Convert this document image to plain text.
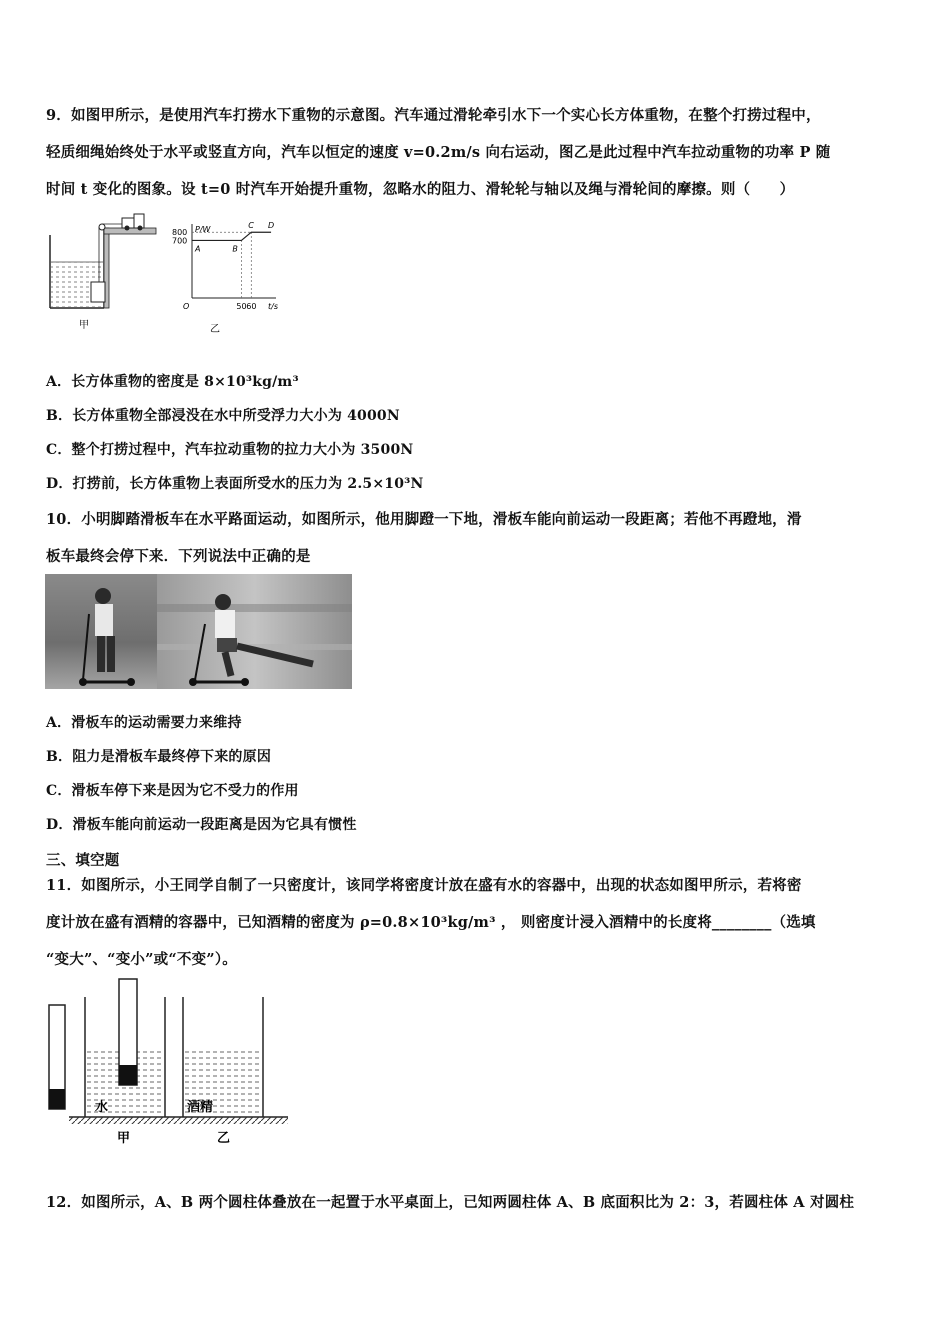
9．如图甲所示，是使用汽车打捞水下重物的示意图。汽车通过滑轮牵引水下一个实心长方体重物，在整个打捞过程中，
轻质细绳始终处于水平或竖直方向，汽车以恒定的速度 v=0.2m/s 向右运动，图乙是此过程中汽车拉动重物的功率 P 随
时间 t 变化的图象。设 t=0 时汽车开始提升重物，忽略水的阻力、滑轮轮与轴以及绳与滑轮间的摩擦。则（　　）
甲
P/W
t/s
800
700
O	50 60
A	B
C D
乙
A．长方体重物的密度是 8×10³kg/m³
B．长方体重物全部浸没在水中所受浮力大小为 4000N
C．整个打捞过程中，汽车拉动重物的拉力大小为 3500N
D．打捞前，长方体重物上表面所受水的压力为 2.5×10³N
10．小明脚踏滑板车在水平路面运动，如图所示，他用脚蹬一下地，滑板车能向前运动一段距离；若他不再蹬地，滑
板车最终会停下来．下列说法中正确的是
A．滑板车的运动需要力来维持
B．阻力是滑板车最终停下来的原因
C．滑板车停下来是因为它不受力的作用
D．滑板车能向前运动一段距离是因为它具有惯性
三、填空题
11．如图所示，小王同学自制了一只密度计，该同学将密度计放在盛有水的容器中，出现的状态如图甲所示，若将密
度计放在盛有酒精的容器中，已知酒精的密度为 ρ=0.8×10³kg/m³ ， 则密度计浸入酒精中的长度将________（选填
“变大”、“变小”或“不变”）。
水	酒精
甲	乙
12．如图所示，A、B 两个圆柱体叠放在一起置于水平桌面上，已知两圆柱体 A、B 底面积比为 2：3，若圆柱体 A 对圆柱
